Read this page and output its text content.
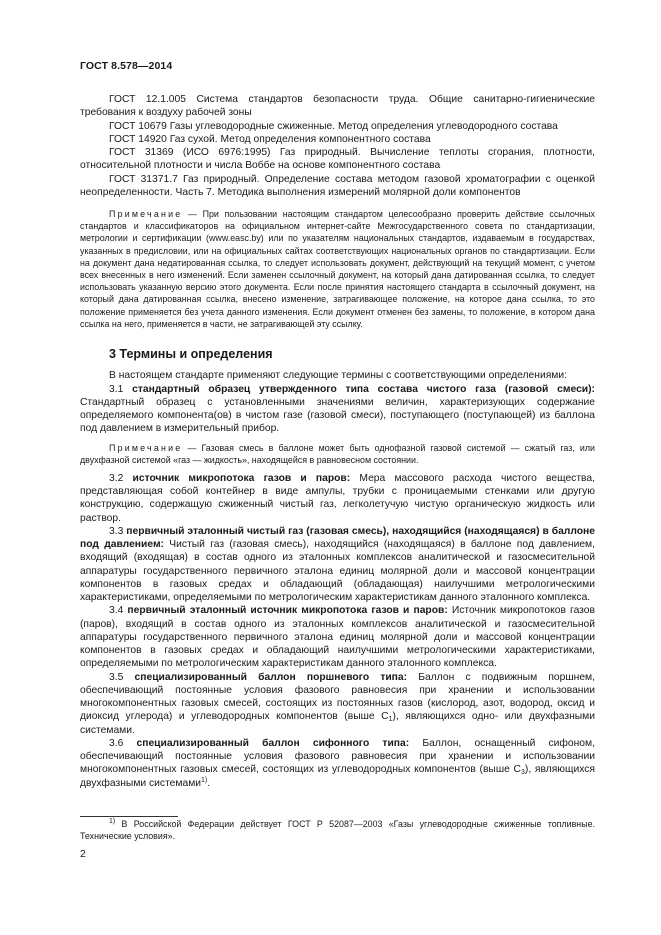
ГОСТ 8.578—2014

ГОСТ 12.1.005 Система стандартов безопасности труда. Общие санитарно-гигиенические требования к воздуху рабочей зоны

ГОСТ 10679 Газы углеводородные сжиженные. Метод определения углеводородного состава

ГОСТ 14920 Газ сухой. Метод определения компонентного состава

ГОСТ 31369 (ИСО 6976:1995) Газ природный. Вычисление теплоты сгорания, плотности, относительной плотности и числа Воббе на основе компонентного состава

ГОСТ 31371.7 Газ природный. Определение состава методом газовой хроматографии с оценкой неопределенности. Часть 7. Методика выполнения измерений молярной доли компонентов

Примечание — При пользовании настоящим стандартом целесообразно проверить действие ссылочных стандартов и классификаторов на официальном интернет-сайте Межгосударственного совета по стандартизации, метрологии и сертификации (www.easc.by) или по указателям национальных стандартов, издаваемым в государствах, указанных в предисловии, или на официальных сайтах соответствующих национальных органов по стандартизации. Если на документ дана недатированная ссылка, то следует использовать документ, действующий на текущий момент, с учетом всех внесенных в него изменений. Если заменен ссылочный документ, на который дана датированная ссылка, то следует использовать указанную версию этого документа. Если после принятия настоящего стандарта в ссылочный документ, на который дана датированная ссылка, внесено изменение, затрагивающее положение, на которое дана ссылка, то это положение применяется без учета данного изменения. Если документ отменен без замены, то положение, в котором дана ссылка на него, применяется в части, не затрагивающей эту ссылку.

3 Термины и определения

В настоящем стандарте применяют следующие термины с соответствующими определениями:

3.1 стандартный образец утвержденного типа состава чистого газа (газовой смеси): Стандартный образец с установленными значениями величин, характеризующих содержание определяемого компонента(ов) в чистом газе (газовой смеси), поступающего (поступающей) из баллона под давлением в измерительный прибор.

Примечание — Газовая смесь в баллоне может быть однофазной газовой системой — сжатый газ, или двухфазной системой «газ — жидкость», находящейся в равновесном состоянии.

3.2 источник микропотока газов и паров: Мера массового расхода чистого вещества, представляющая собой контейнер в виде ампулы, трубки с проницаемыми стенками или другую конструкцию, содержащую сжиженный чистый газ, легколетучую чистую органическую жидкость или раствор.

3.3 первичный эталонный чистый газ (газовая смесь), находящийся (находящаяся) в баллоне под давлением: Чистый газ (газовая смесь), находящийся (находящаяся) в баллоне под давлением, входящий (входящая) в состав одного из эталонных комплексов аналитической и газосмесительной аппаратуры государственного первичного эталона единиц молярной доли и массовой концентрации компонентов в газовых средах и обладающий (обладающая) наилучшими метрологическими характеристиками, определяемыми по метрологическим характеристикам данного эталонного комплекса.

3.4 первичный эталонный источник микропотока газов и паров: Источник микропотоков газов (паров), входящий в состав одного из эталонных комплексов аналитической и газосмесительной аппаратуры государственного первичного эталона единиц молярной доли и массовой концентрации компонентов в газовых средах и обладающий наилучшими метрологическими характеристиками, определяемыми по метрологическим характеристикам данного эталонного комплекса.

3.5 специализированный баллон поршневого типа: Баллон с подвижным поршнем, обеспечивающий постоянные условия фазового равновесия при хранении и использовании многокомпонентных газовых смесей, состоящих из постоянных газов (кислород, азот, водород, оксид и диоксид углерода) и углеводородных компонентов (выше $С_1$), являющихся одно- или двухфазными системами.

3.6 специализированный баллон сифонного типа: Баллон, оснащенный сифоном, обеспечивающий постоянные условия фазового равновесия при хранении и использовании многокомпонентных газовых смесей, состоящих из углеводородных компонентов (выше $С_3$), являющихся двухфазными системами$^{1)}$.

$^{1)}$ В Российской Федерации действует ГОСТ Р 52087—2003 «Газы углеводородные сжиженные топливные. Технические условия».

2
